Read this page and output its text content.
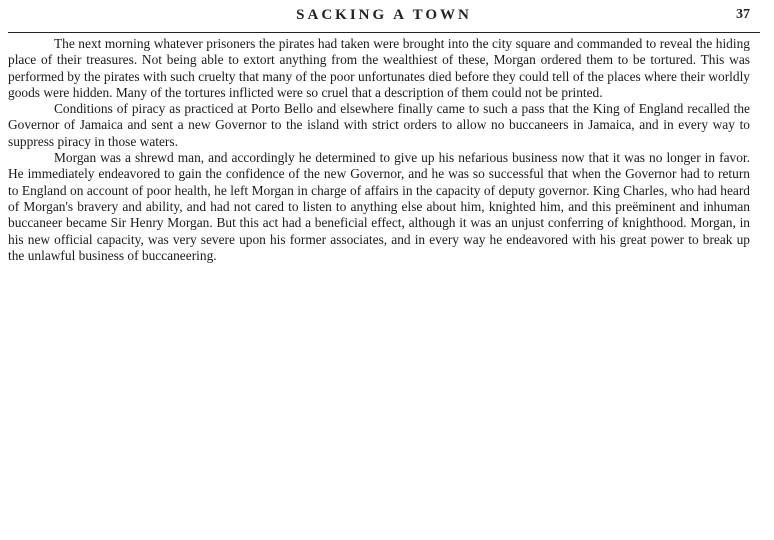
SACKING A TOWN	37

The next morning whatever prisoners the pirates had taken were brought into the city square and commanded to reveal the hiding place of their treasures. Not being able to extort anything from the wealthiest of these, Morgan ordered them to be tortured. This was performed by the pirates with such cruelty that many of the poor unfortunates died before they could tell of the places where their worldly goods were hidden. Many of the tortures inflicted were so cruel that a description of them could not be printed.

Conditions of piracy as practiced at Porto Bello and elsewhere finally came to such a pass that the King of England recalled the Governor of Jamaica and sent a new Governor to the island with strict orders to allow no buccaneers in Jamaica, and in every way to suppress piracy in those waters.

Morgan was a shrewd man, and accordingly he determined to give up his nefarious business now that it was no longer in favor. He immediately endeavored to gain the confidence of the new Governor, and he was so successful that when the Governor had to return to England on account of poor health, he left Morgan in charge of affairs in the capacity of deputy governor. King Charles, who had heard of Morgan's bravery and ability, and had not cared to listen to anything else about him, knighted him, and this preëminent and inhuman buccaneer became Sir Henry Morgan. But this act had a beneficial effect, although it was an unjust conferring of knighthood. Morgan, in his new official capacity, was very severe upon his former associates, and in every way he endeavored with his great power to break up the unlawful business of buccaneering.
